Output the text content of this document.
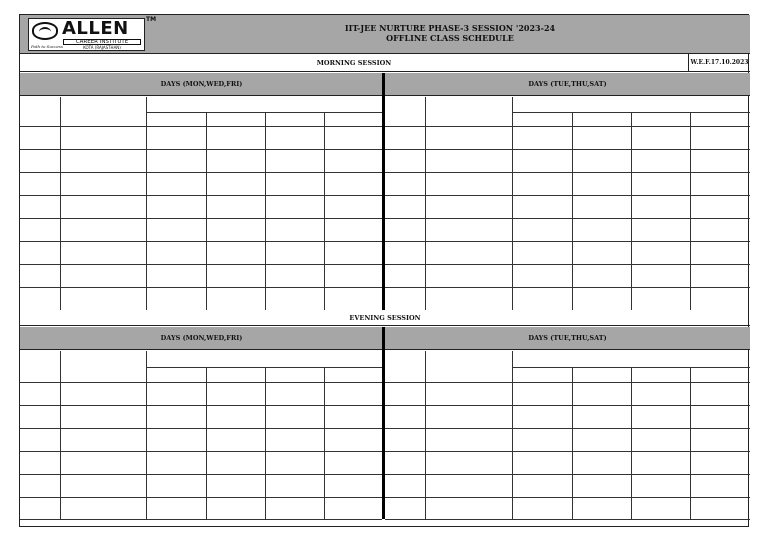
ALLEN
CAREER INSTITUTE
KOTA (RAJASTHAN)
Path to Success
TM
IIT-JEE NURTURE PHASE-3 SESSION '2023-24
OFFLINE CLASS SCHEDULE
MORNING SESSION	W.E.F.17.10.2023
DAYS (MON,WED,FRI)	DAYS (TUE,THU,SAT)
EVENING SESSION
DAYS (MON,WED,FRI)	DAYS (TUE,THU,SAT)
